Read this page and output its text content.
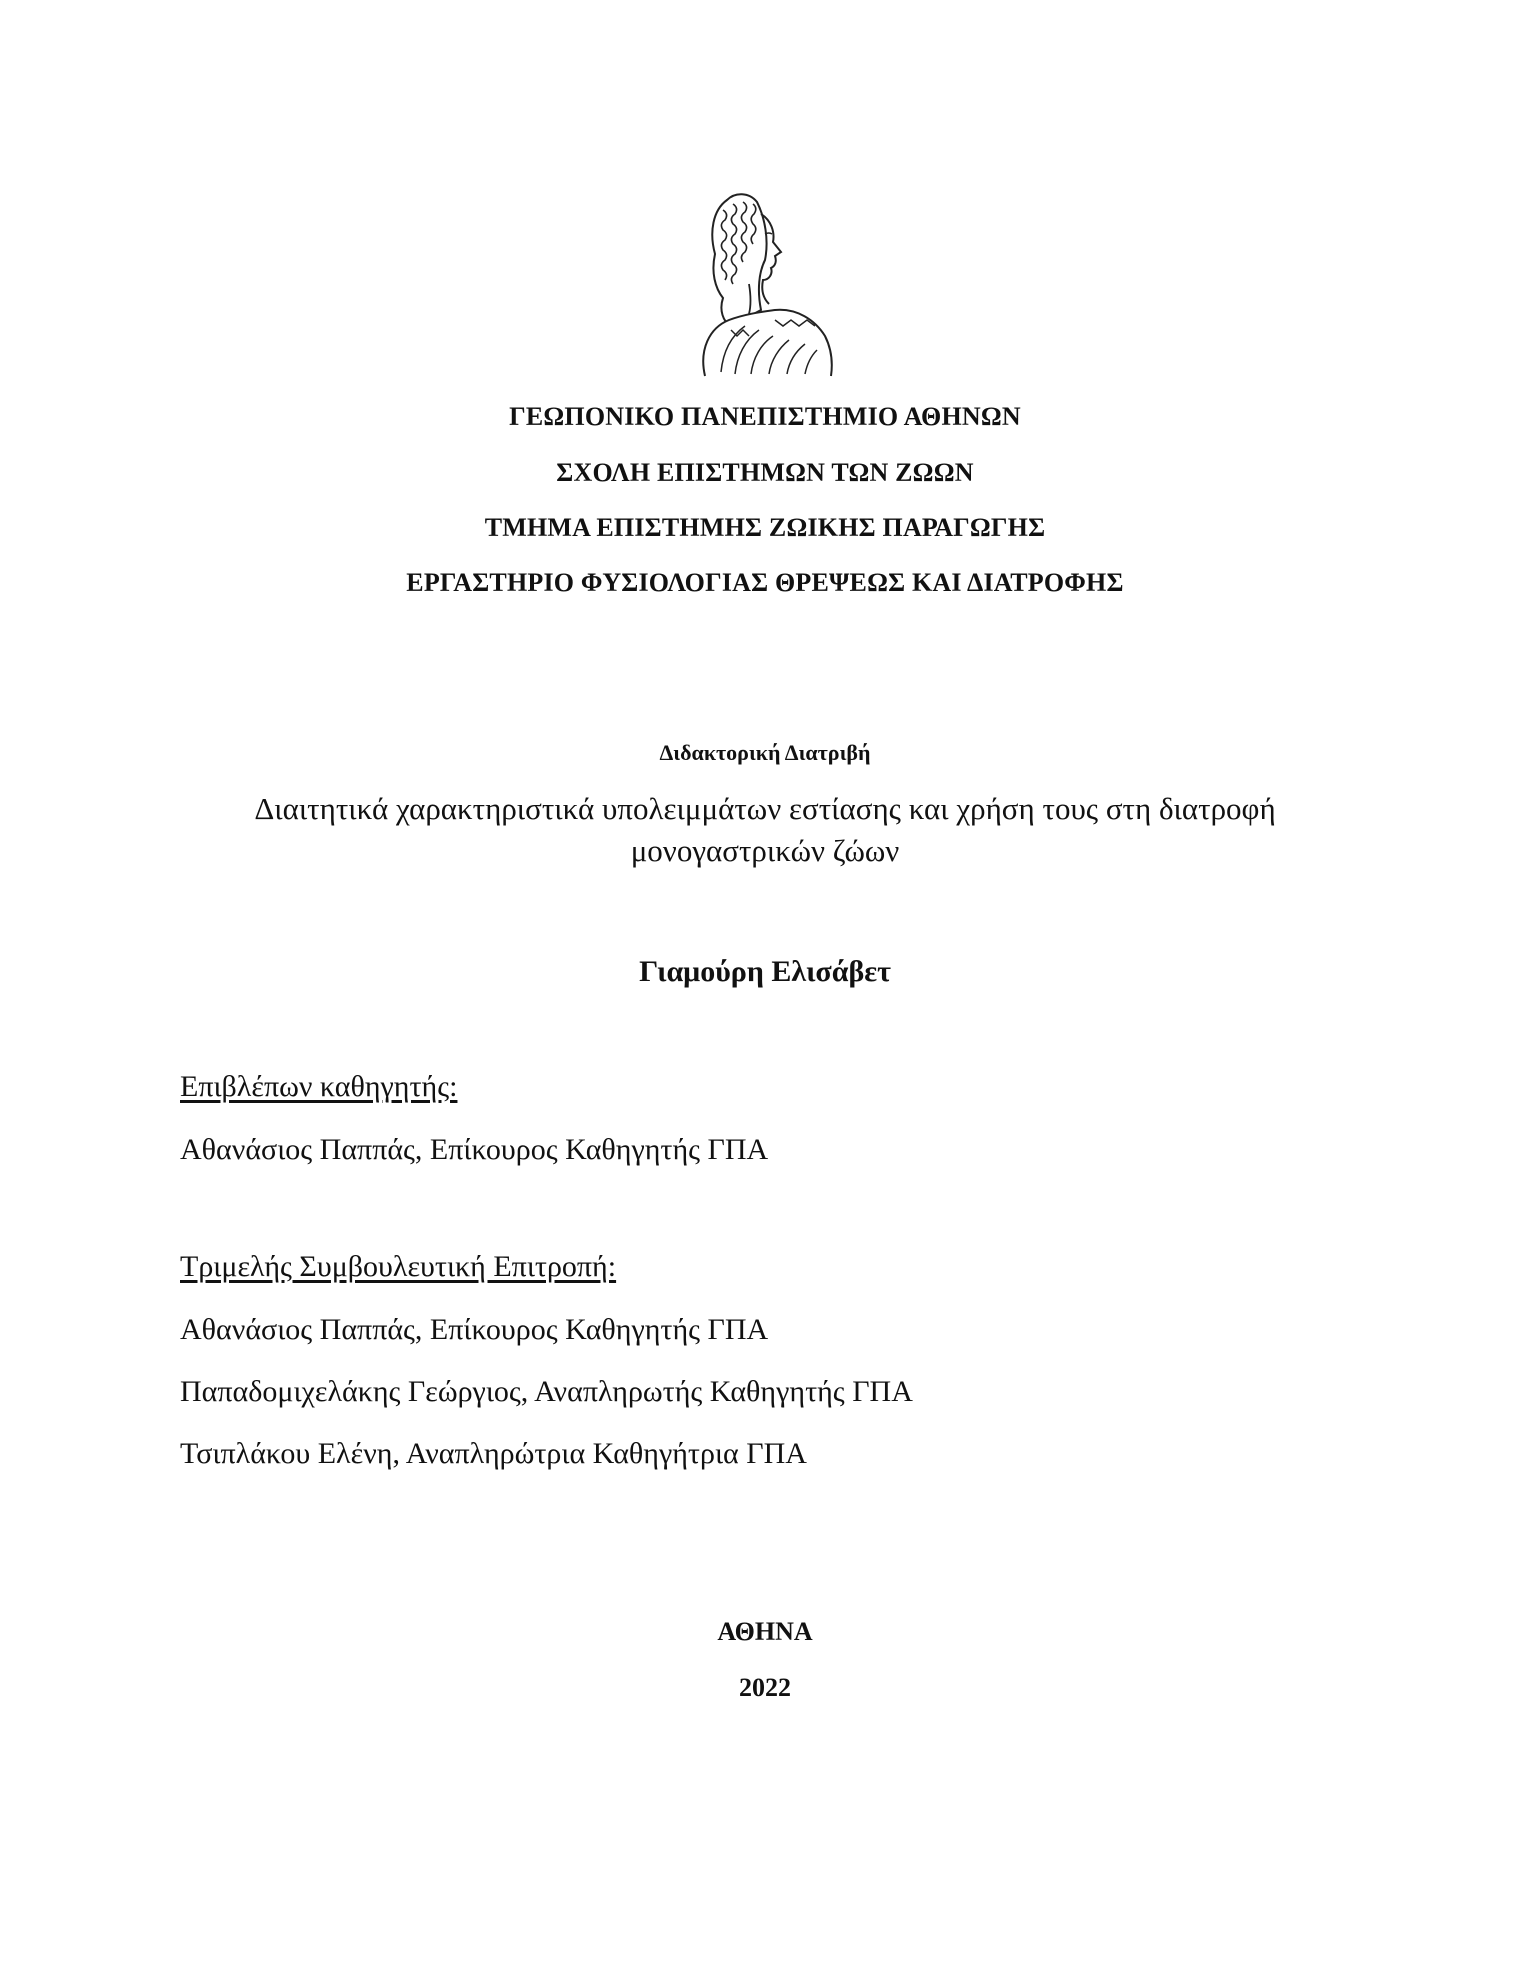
ΓΕΩΠΟΝΙΚΟ ΠΑΝΕΠΙΣΤΗΜΙΟ ΑΘΗΝΩΝ
ΣΧΟΛΗ ΕΠΙΣΤΗΜΩΝ ΤΩΝ ΖΩΩΝ
ΤΜΗΜΑ ΕΠΙΣΤΗΜΗΣ ΖΩΙΚΗΣ ΠΑΡΑΓΩΓΗΣ
ΕΡΓΑΣΤΗΡΙΟ ΦΥΣΙΟΛΟΓΙΑΣ ΘΡΕΨΕΩΣ ΚΑΙ ΔΙΑΤΡΟΦΗΣ
Διδακτορική Διατριβή
Διαιτητικά χαρακτηριστικά υπολειμμάτων εστίασης και χρήση τους στη διατροφή
μονογαστρικών ζώων
Γιαμούρη Ελισάβετ
Επιβλέπων καθηγητής:
Αθανάσιος Παππάς, Επίκουρος Καθηγητής ΓΠΑ
Τριμελής Συμβουλευτική Επιτροπή:
Αθανάσιος Παππάς, Επίκουρος Καθηγητής ΓΠΑ
Παπαδομιχελάκης Γεώργιος, Αναπληρωτής Καθηγητής ΓΠΑ
Τσιπλάκου Ελένη, Αναπληρώτρια Καθηγήτρια ΓΠΑ
ΑΘΗΝΑ
2022
